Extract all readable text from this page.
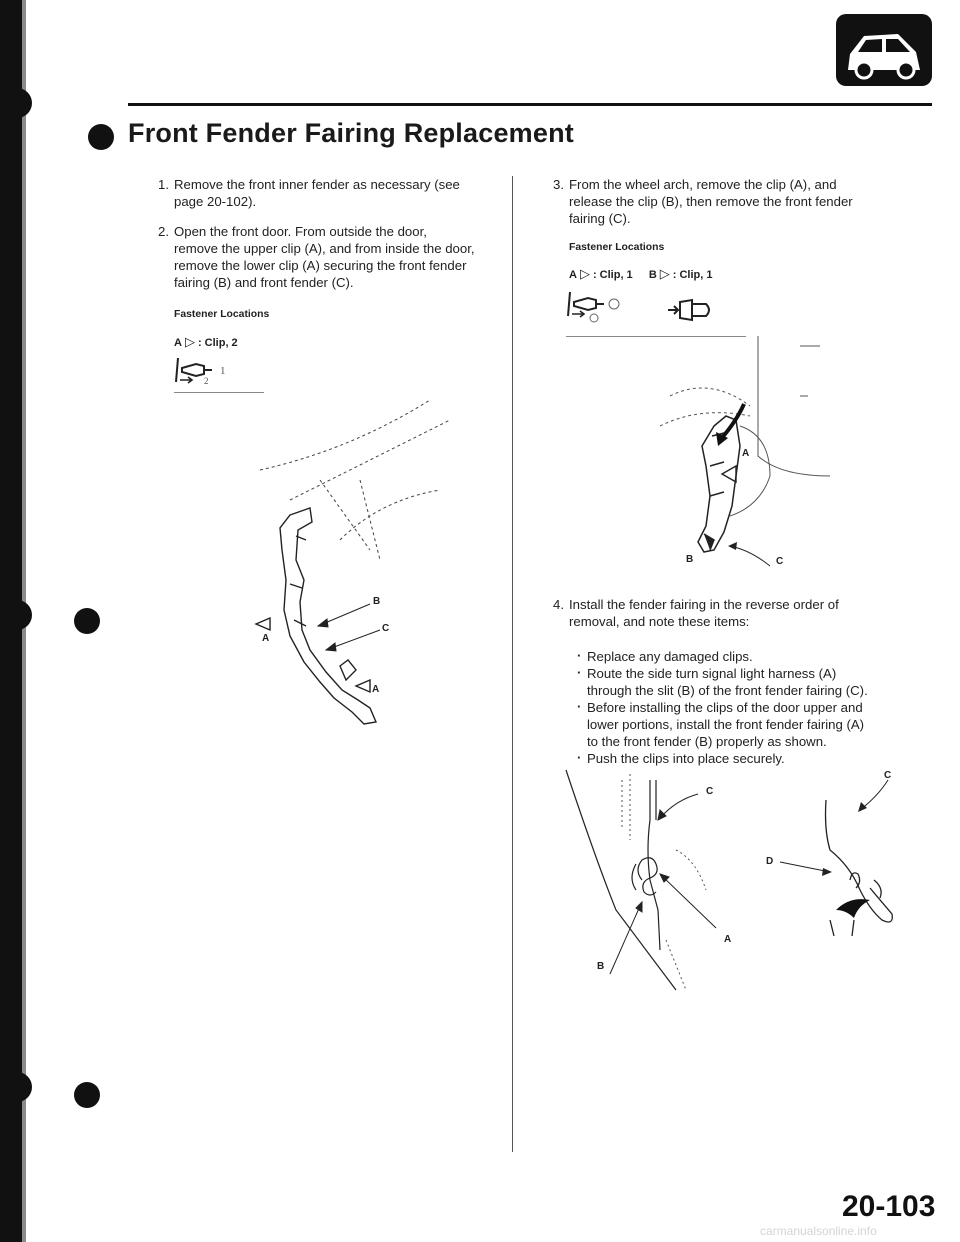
Front Fender Fairing Replacement
1. Remove the front inner fender as necessary (see
page 20-102).
2. Open the front door. From outside the door,
remove the upper clip (A), and from inside the door,
remove the lower clip (A) securing the front fender
fairing (B) and front fender (C).
Fastener Locations
A ▷ : Clip, 2
1
2
B
C
A
A
3. From the wheel arch, remove the clip (A), and
release the clip (B), then remove the front fender
fairing (C).
Fastener Locations
A ▷ : Clip, 1 B ▷ : Clip, 1
A
B	C
4. Install the fender fairing in the reverse order of
removal, and note these items:
· Replace any damaged clips.
· Route the side turn signal light harness (A)
through the slit (B) of the front fender fairing (C).
· Before installing the clips of the door upper and
lower portions, install the front fender fairing (A)
to the front fender (B) properly as shown.
· Push the clips into place securely.
C
A
B
C
D
20-103
carmanualsonline.info
